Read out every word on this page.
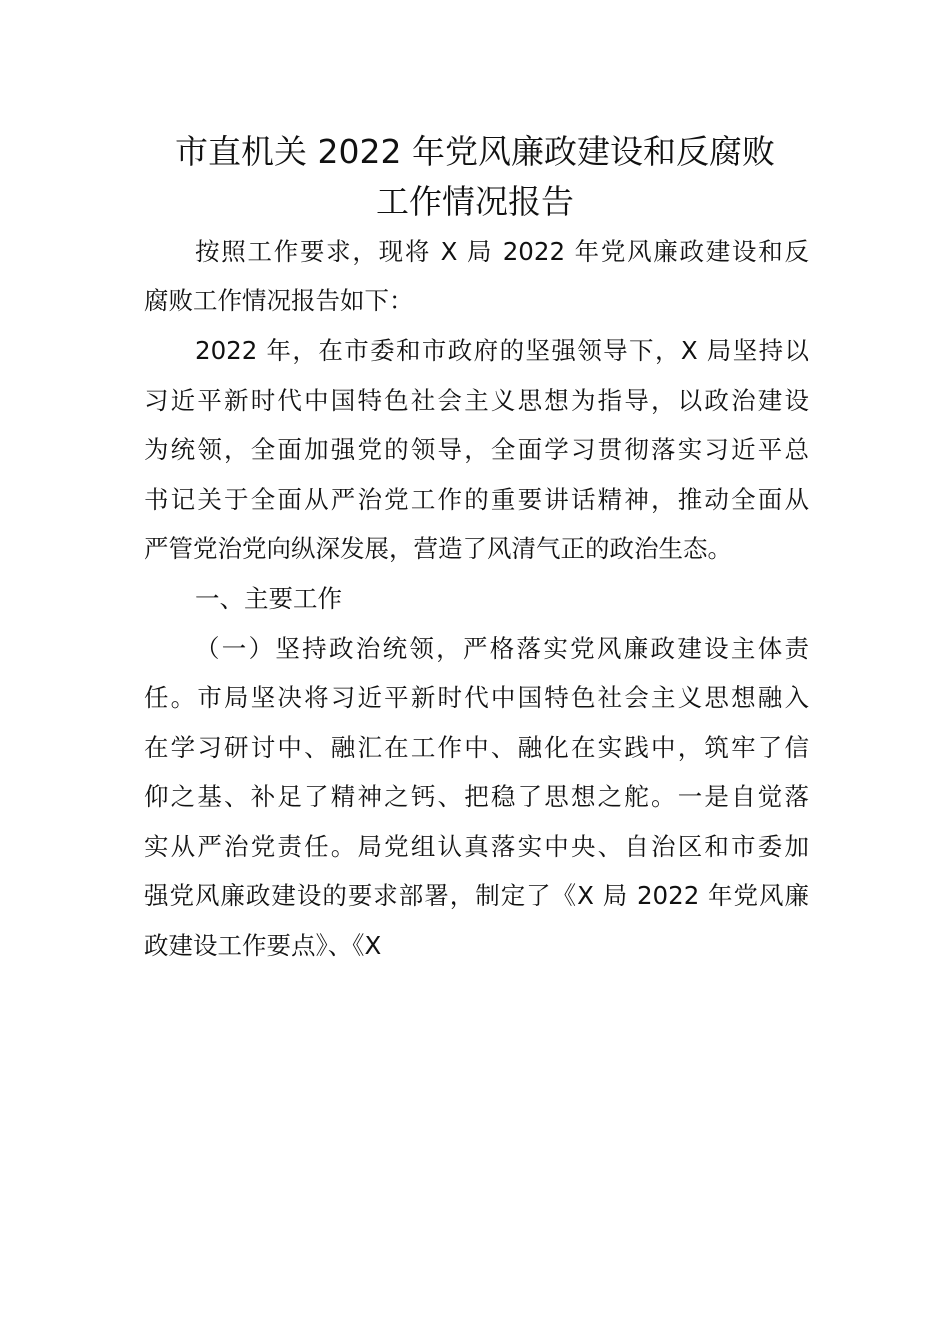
市直机关 2022 年党风廉政建设和反腐败
工作情况报告
按照工作要求，现将 X 局 2022 年党风廉政建设和反
腐败工作情况报告如下：
2022 年，在市委和市政府的坚强领导下，X 局坚持以
习近平新时代中国特色社会主义思想为指导，以政治建设
为统领，全面加强党的领导，全面学习贯彻落实习近平总
书记关于全面从严治党工作的重要讲话精神，推动全面从
严管党治党向纵深发展，营造了风清气正的政治生态。
一、主要工作
（一）坚持政治统领，严格落实党风廉政建设主体责
任。市局坚决将习近平新时代中国特色社会主义思想融入
在学习研讨中、融汇在工作中、融化在实践中，筑牢了信
仰之基、补足了精神之钙、把稳了思想之舵。一是自觉落
实从严治党责任。局党组认真落实中央、自治区和市委加
强党风廉政建设的要求部署，制定了《X 局 2022 年党风廉
政建设工作要点》、《X
